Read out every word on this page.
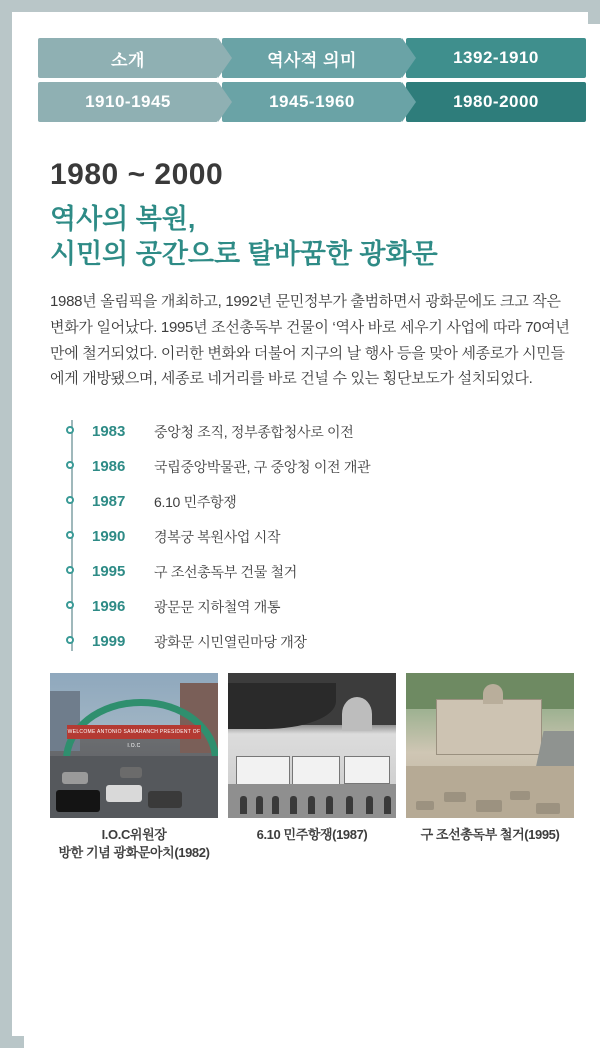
소개	역사적 의미	1392-1910
1910-1945	1945-1960	1980-2000
1980 ~ 2000
역사의 복원,
시민의 공간으로 탈바꿈한 광화문

1988년 올림픽을 개최하고, 1992년 문민정부가 출범하면서 광화문에도 크고 작은 변화가 일어났다. 1995년 조선총독부 건물이 ‘역사 바로 세우기 사업에 따라 70여년 만에 철거되었다. 이러한 변화와 더불어 지구의 날 행사 등을 맞아 세종로가 시민들에게 개방됐으며, 세종로 네거리를 바로 건널 수 있는 횡단보도가 설치되었다.

1983	중앙청 조직, 정부종합청사로 이전
1986	국립중앙박물관, 구 중앙청 이전 개관
1987	6.10 민주항쟁
1990	경복궁 복원사업 시작
1995	구 조선총독부 건물 철거
1996	광문문 지하철역 개통
1999	광화문 시민열린마당 개장
WELCOME ANTONIO SAMARANCH PRESIDENT OF I.O.C
I.O.C위원장
방한 기념 광화문아치(1982)
6.10 민주항쟁(1987)	구 조선총독부 철거(1995)
